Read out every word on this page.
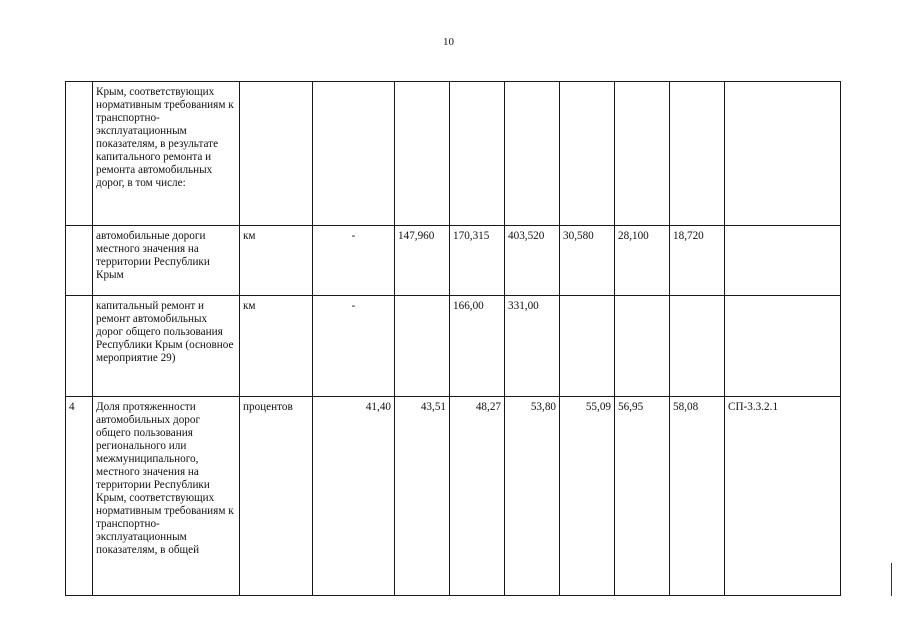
10
	Крым, соответствующих нормативным требованиям к транспортно-эксплуатационным показателям, в результате капитального ремонта и ремонта автомобильных дорог, в том числе:									
	автомобильные дороги местного значения на территории Республики Крым	км	-	147,960	170,315	403,520	30,580	28,100	18,720	
	капитальный ремонт и ремонт автомобильных дорог общего пользования Республики Крым (основное мероприятие 29)	км	-		166,00	331,00				
4	Доля протяженности автомобильных дорог общего пользования регионального или межмуниципального, местного значения на территории Республики Крым, соответствующих нормативным требованиям к транспортно-эксплуатационным показателям, в общей	процентов	41,40	43,51	48,27	53,80	55,09	56,95	58,08	СП-3.3.2.1
